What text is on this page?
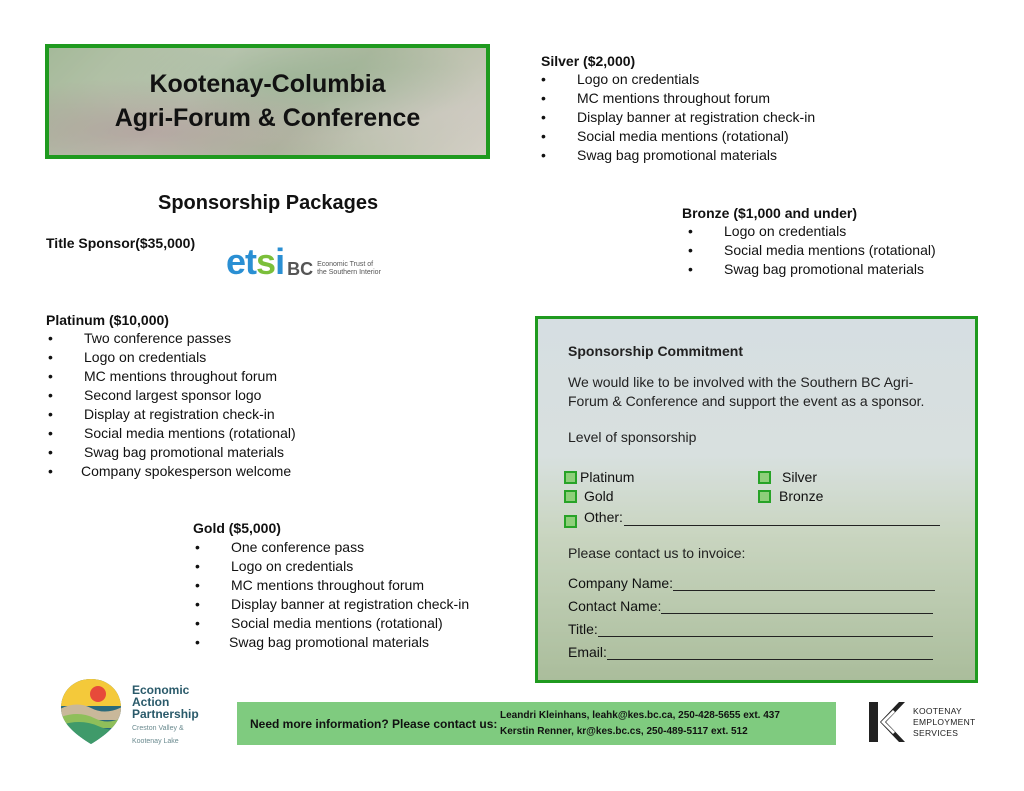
Kootenay-Columbia
Agri-Forum & Conference
Sponsorship Packages
Title Sponsor($35,000) etsi BC Economic Trust of
the Southern Interior
Platinum ($10,000)
• Two conference passes
• Logo on credentials
• MC mentions throughout forum
• Second largest sponsor logo
• Display at registration check-in
• Social media mentions (rotational)
• Swag bag promotional materials
• Company spokesperson welcome
Gold ($5,000)
• One conference pass
• Logo on credentials
• MC mentions throughout forum
• Display banner at registration check-in
• Social media mentions (rotational)
• Swag bag promotional materials
Silver ($2,000)
• Logo on credentials
• MC mentions throughout forum
• Display banner at registration check-in
• Social media mentions (rotational)
• Swag bag promotional materials
Bronze ($1,000 and under)
• Logo on credentials
• Social media mentions (rotational)
• Swag bag promotional materials
Sponsorship Commitment
We would like to be involved with the Southern BC Agri-Forum & Conference and support the event as a sponsor.
Level of sponsorship
Platinum
Gold
Other:
Silver
Bronze
Please contact us to invoice:
Company Name:
Contact Name:
Title:
Email:
Economic
Action
Partnership
Creston Valley &
Kootenay Lake
Need more information? Please contact us:
Leandri Kleinhans, leahk@kes.bc.ca, 250-428-5655 ext. 437
Kerstin Renner, kr@kes.bc.cs, 250-489-5117 ext. 512
KOOTENAY
EMPLOYMENT
SERVICES
